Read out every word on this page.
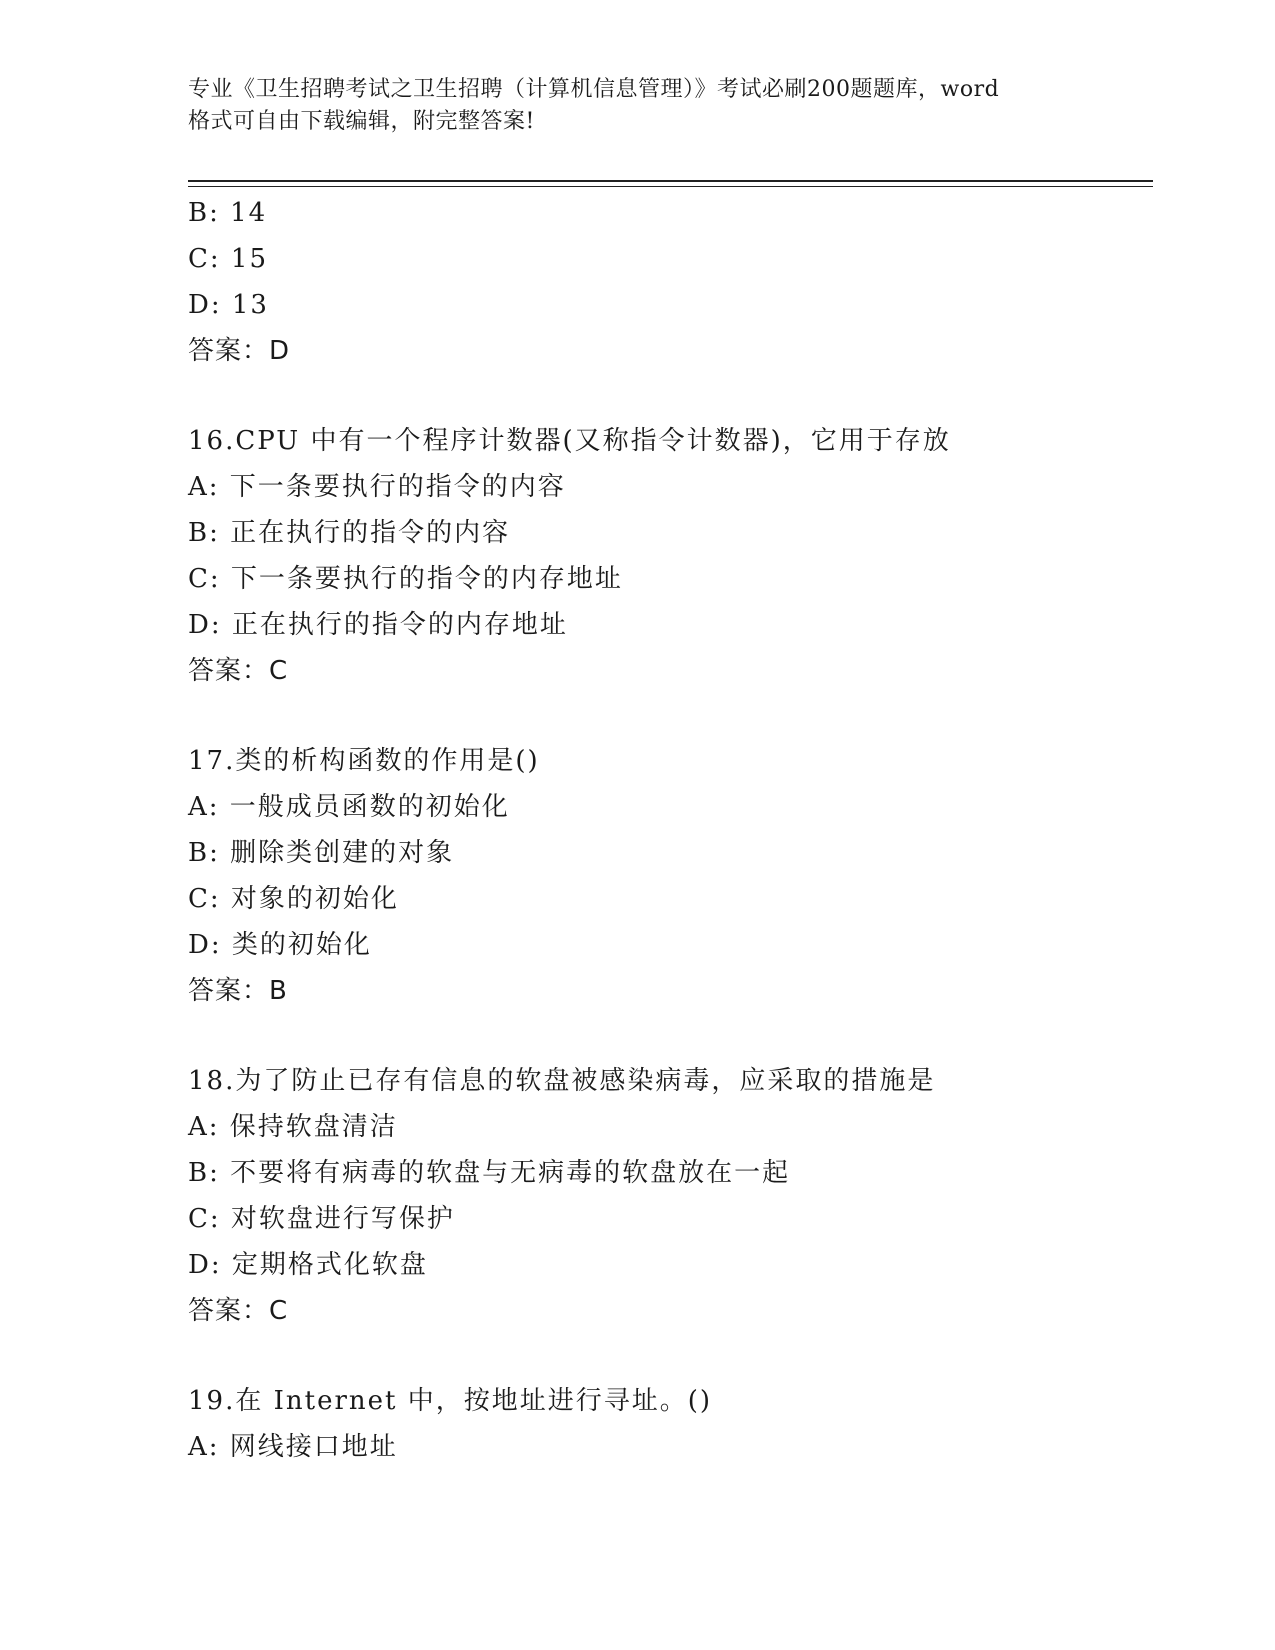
专业《卫生招聘考试之卫生招聘（计算机信息管理）》考试必刷200题题库，word
格式可自由下载编辑，附完整答案!
B: 14
C: 15
D: 13
答案：D
16.CPU 中有一个程序计数器(又称指令计数器)，它用于存放
A: 下一条要执行的指令的内容
B: 正在执行的指令的内容
C: 下一条要执行的指令的内存地址
D: 正在执行的指令的内存地址
答案：C
17.类的析构函数的作用是()
A: 一般成员函数的初始化
B: 删除类创建的对象
C: 对象的初始化
D: 类的初始化
答案：B
18.为了防止已存有信息的软盘被感染病毒，应采取的措施是
A: 保持软盘清洁
B: 不要将有病毒的软盘与无病毒的软盘放在一起
C: 对软盘进行写保护
D: 定期格式化软盘
答案：C
19.在 Internet 中，按地址进行寻址。()
A: 网线接口地址
